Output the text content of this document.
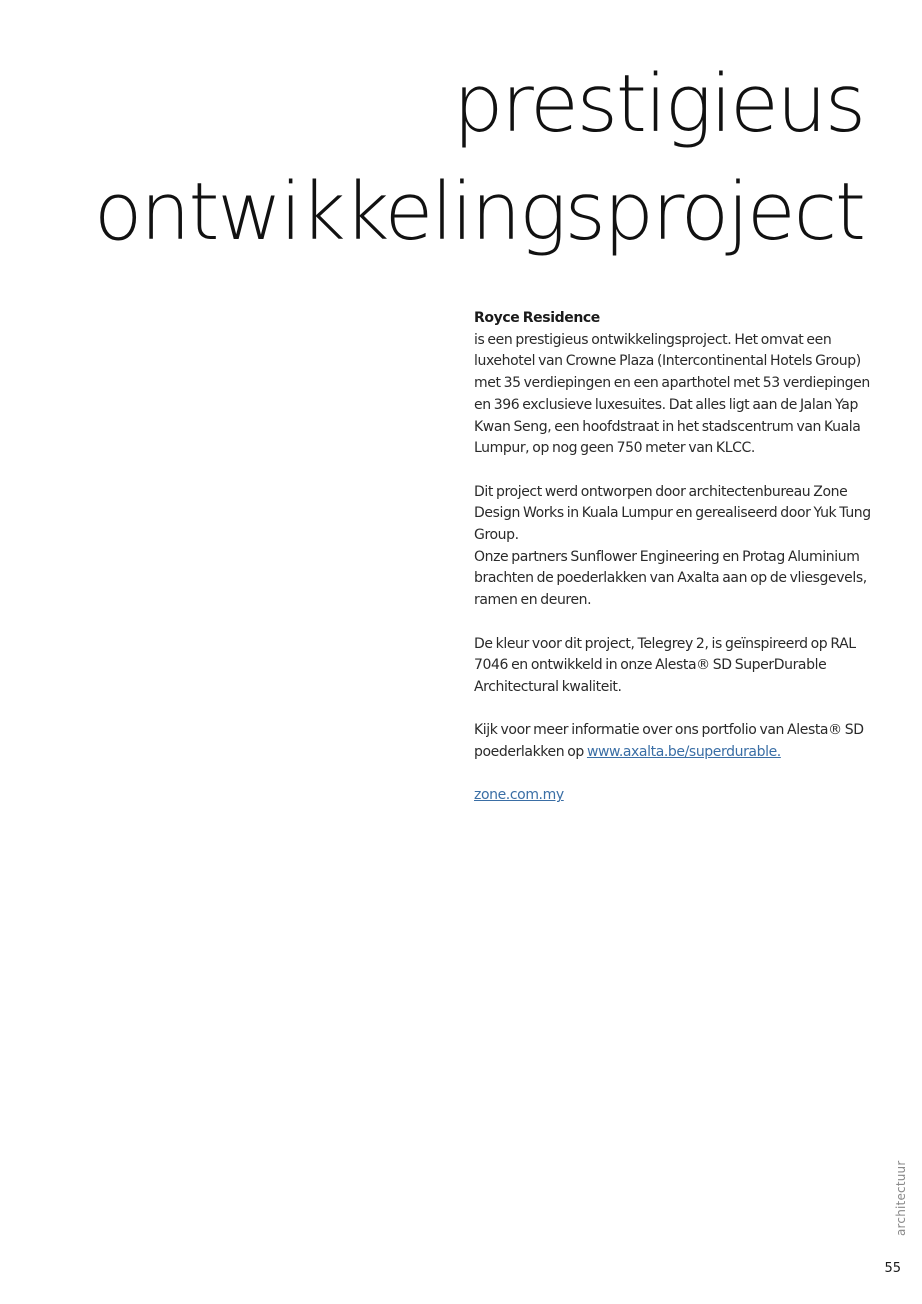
prestigieus
ontwikkelingsproject

Royce Residence

is een prestigieus ontwikkelingsproject. Het omvat een luxehotel van Crowne Plaza (Intercontinental Hotels Group) met 35 verdiepingen en een aparthotel met 53 verdiepingen en 396 exclusieve luxesuites. Dat alles ligt aan de Jalan Yap Kwan Seng, een hoofdstraat in het stadscentrum van Kuala Lumpur, op nog geen 750 meter van KLCC.

Dit project werd ontworpen door architectenbureau Zone Design Works in Kuala Lumpur en gerealiseerd door Yuk Tung Group.

Onze partners Sunflower Engineering en Protag Aluminium brachten de poederlakken van Axalta aan op de vliesgevels, ramen en deuren.

De kleur voor dit project, Telegrey 2, is geïnspireerd op RAL 7046 en ontwikkeld in onze Alesta® SD SuperDurable Architectural kwaliteit.

Kijk voor meer informatie over ons portfolio van Alesta® SD poederlakken op www.axalta.be/superdurable.

zone.com.my

architectuur
55
